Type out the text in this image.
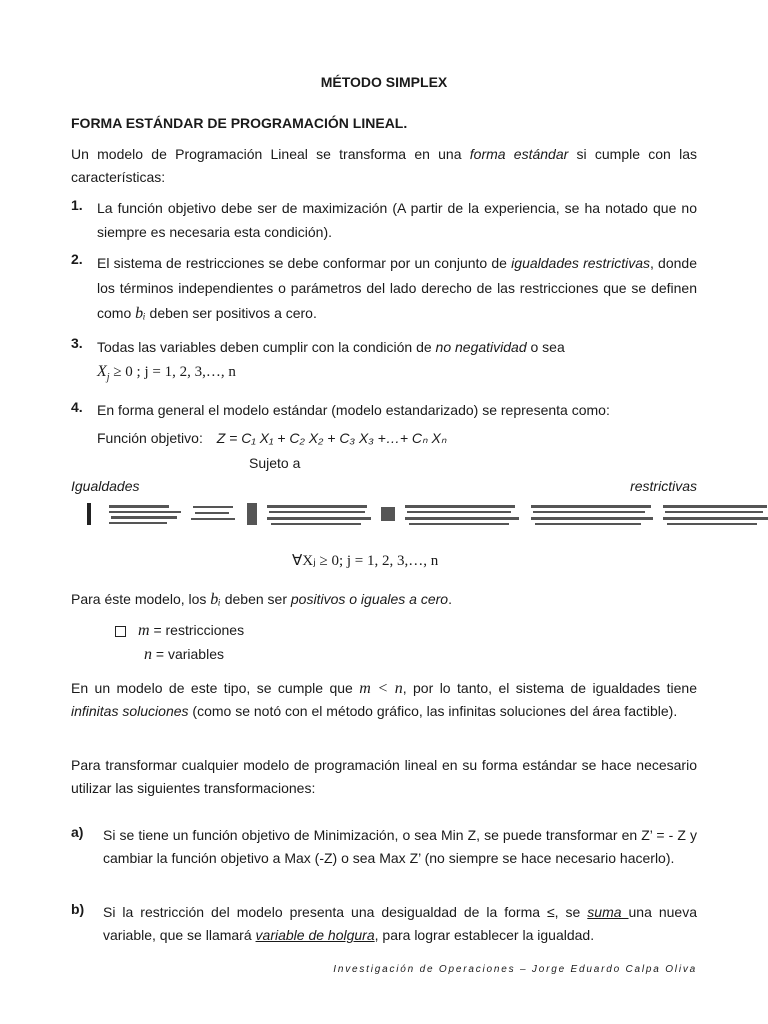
MÉTODO SIMPLEX
FORMA ESTÁNDAR DE PROGRAMACIÓN LINEAL.
Un modelo de Programación Lineal se transforma en una forma estándar si cumple con las características:
1. La función objetivo debe ser de maximización (A partir de la experiencia, se ha notado que no siempre es necesaria esta condición).
2. El sistema de restricciones se debe conformar por un conjunto de igualdades restrictivas, donde los términos independientes o parámetros del lado derecho de las restricciones que se definen como bᵢ deben ser positivos a cero.
3. Todas las variables deben cumplir con la condición de no negatividad o sea
$X_j \ge 0$ ; j = 1, 2, 3,…, n
4. En forma general el modelo estándar (modelo estandarizado) se representa como:
Función objetivo: Z = C₁ X₁ + C₂ X₂ + C₃ X₃ +…+ Cₙ Xₙ
Sujeto a
Igualdades	restrictivas
∀Xⱼ ≥ 0; j = 1, 2, 3,…, n
Para éste modelo, los bᵢ deben ser positivos o iguales a cero.
m = restricciones
n = variables
En un modelo de este tipo, se cumple que m < n, por lo tanto, el sistema de igualdades tiene infinitas soluciones (como se notó con el método gráfico, las infinitas soluciones del área factible).
Para transformar cualquier modelo de programación lineal en su forma estándar se hace necesario utilizar las siguientes transformaciones:
a) Si se tiene un función objetivo de Minimización, o sea Min Z, se puede transformar en Z’ = - Z y cambiar la función objetivo a Max (-Z) o sea Max Z’ (no siempre se hace necesario hacerlo).
b) Si la restricción del modelo presenta una desigualdad de la forma ≤, se suma una nueva variable, que se llamará variable de holgura, para lograr establecer la igualdad.
Investigación de Operaciones – Jorge Eduardo Calpa Oliva
